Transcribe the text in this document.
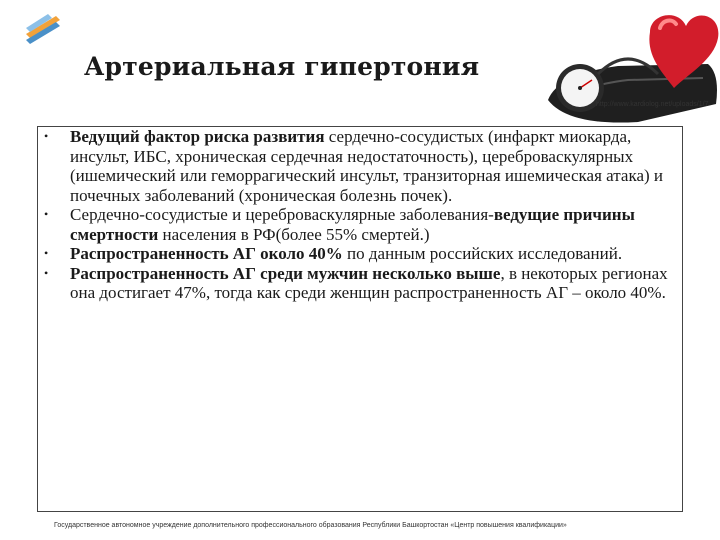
Артериальная гипертония
http://www.kardiolog.net/uploads/1/7
• Ведущий фактор риска развития сердечно-сосудистых (инфаркт миокарда, инсульт, ИБС, хроническая сердечная недостаточность), цереброваскулярных (ишемический или геморрагический инсульт, транзиторная ишемическая атака) и почечных заболеваний (хроническая болезнь почек).
• Сердечно-сосудистые и цереброваскулярные заболевания-ведущие причины смертности населения в РФ(более 55% смертей.)
• Распространенность АГ около 40% по данным российских исследований.
• Распространенность АГ среди мужчин несколько выше, в некоторых регионах она достигает 47%, тогда как среди женщин распространенность АГ – около 40%.
Государственное автономное учреждение дополнительного профессионального образования Республики Башкортостан «Центр повышения квалификации»
